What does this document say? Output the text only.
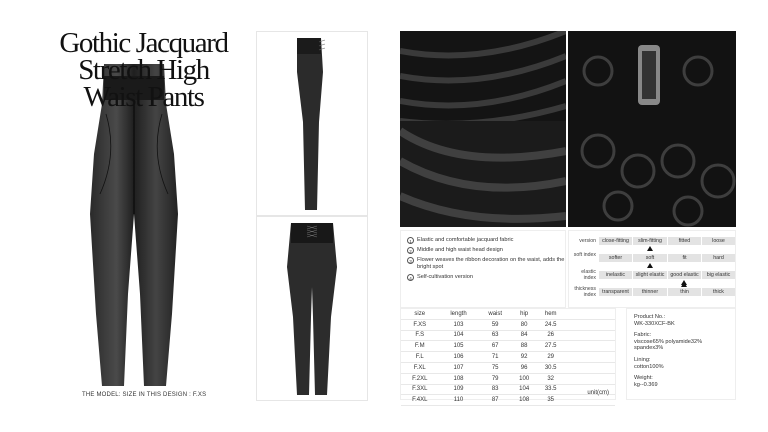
Gothic Jacquard
Stretch High
Waist Pants
THE MODEL: SIZE IN THIS DESIGN : F.XS
1 Elastic and comfortable jacquard fabric
2 Middle and high waist head design
3 Flower weaves the ribbon decoration on the waist, adds the bright spot
4 Self-cultivation version
version	close-fitting	slim-fitting	fitted	loose
soft index	softer	soft	fit	hard
elastic index	inelastic	slight elastic	good elastic	big elastic
thickness index	transparent	thinner	thin	thick
size	length	waist	hip	hem	
F.XS	103	59	80	24.5	
F.S	104	63	84	26	
F.M	105	67	88	27.5	
F.L	106	71	92	29	
F.XL	107	75	96	30.5	
F.2XL	108	79	100	32	
F.3XL	109	83	104	33.5	
F.4XL	110	87	108	35	
unit(cm)

Product No.:
WK-330XCF-BK

Fabric:
viscose65% polyamide32%
spandex3%

Lining:
cotton100%

Weight:
kg--0.369
